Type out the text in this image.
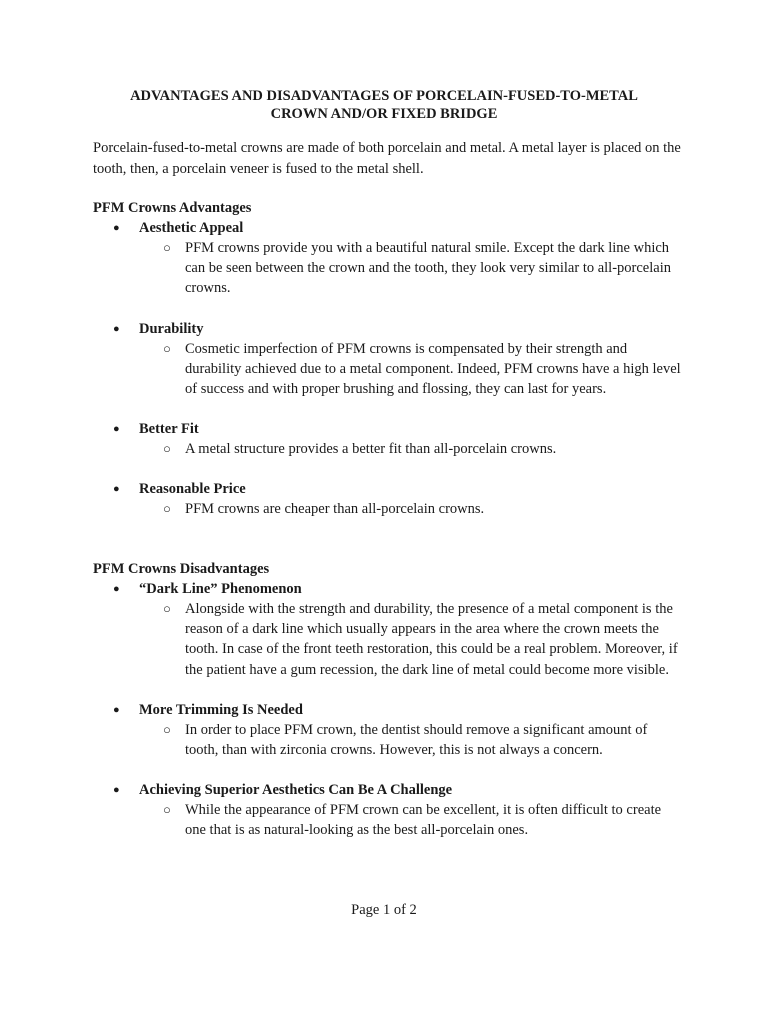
ADVANTAGES AND DISADVANTAGES OF PORCELAIN-FUSED-TO-METAL
CROWN AND/OR FIXED BRIDGE
Porcelain-fused-to-metal crowns are made of both porcelain and metal. A metal layer is placed on the tooth, then, a porcelain veneer is fused to the metal shell.
PFM Crowns Advantages
● Aesthetic Appeal
○ PFM crowns provide you with a beautiful natural smile. Except the dark line which can be seen between the crown and the tooth, they look very similar to all-porcelain crowns.
● Durability
○ Cosmetic imperfection of PFM crowns is compensated by their strength and durability achieved due to a metal component. Indeed, PFM crowns have a high level of success and with proper brushing and flossing, they can last for years.
● Better Fit
○ A metal structure provides a better fit than all-porcelain crowns.
● Reasonable Price
○ PFM crowns are cheaper than all-porcelain crowns.
PFM Crowns Disadvantages
● “Dark Line” Phenomenon
○ Alongside with the strength and durability, the presence of a metal component is the reason of a dark line which usually appears in the area where the crown meets the tooth. In case of the front teeth restoration, this could be a real problem. Moreover, if the patient have a gum recession, the dark line of metal could become more visible.
● More Trimming Is Needed
○ In order to place PFM crown, the dentist should remove a significant amount of tooth, than with zirconia crowns. However, this is not always a concern.
● Achieving Superior Aesthetics Can Be A Challenge
○ While the appearance of PFM crown can be excellent, it is often difficult to create one that is as natural-looking as the best all-porcelain ones.
Page 1 of 2
